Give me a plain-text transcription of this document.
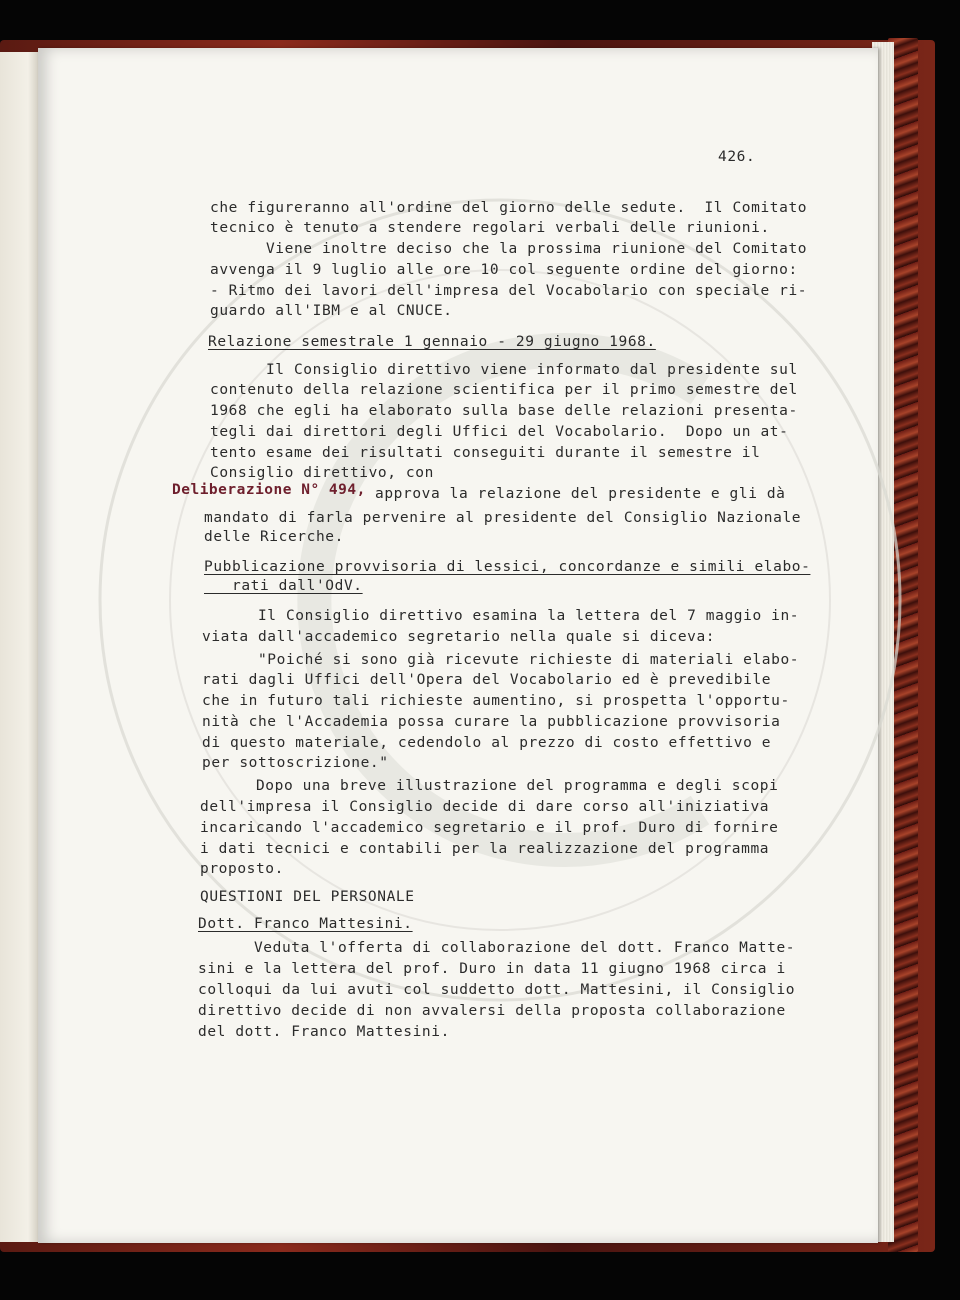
426.
che figureranno all'ordine del giorno delle sedute.  Il Comitato
tecnico è tenuto a stendere regolari verbali delle riunioni.
Viene inoltre deciso che la prossima riunione del Comitato
avvenga il 9 luglio alle ore 10 col seguente ordine del giorno:
- Ritmo dei lavori dell'impresa del Vocabolario con speciale ri-
guardo all'IBM e al CNUCE.
Relazione semestrale 1 gennaio - 29 giugno 1968.
Il Consiglio direttivo viene informato dal presidente sul
contenuto della relazione scientifica per il primo semestre del
1968 che egli ha elaborato sulla base delle relazioni presenta-
tegli dai direttori degli Uffici del Vocabolario.  Dopo un at-
tento esame dei risultati conseguiti durante il semestre il
Consiglio direttivo, con
Deliberazione N° 494, approva la relazione del presidente e gli dà
mandato di farla pervenire al presidente del Consiglio Nazionale
delle Ricerche.
Pubblicazione provvisoria di lessici, concordanze e simili elabo-
rati dall'OdV.
Il Consiglio direttivo esamina la lettera del 7 maggio in-
viata dall'accademico segretario nella quale si diceva:
"Poiché si sono già ricevute richieste di materiali elabo-
rati dagli Uffici dell'Opera del Vocabolario ed è prevedibile
che in futuro tali richieste aumentino, si prospetta l'opportu-
nità che l'Accademia possa curare la pubblicazione provvisoria
di questo materiale, cedendolo al prezzo di costo effettivo e
per sottoscrizione."
Dopo una breve illustrazione del programma e degli scopi
dell'impresa il Consiglio decide di dare corso all'iniziativa
incaricando l'accademico segretario e il prof. Duro di fornire
i dati tecnici e contabili per la realizzazione del programma
proposto.
QUESTIONI DEL PERSONALE
Dott. Franco Mattesini.
Veduta l'offerta di collaborazione del dott. Franco Matte-
sini e la lettera del prof. Duro in data 11 giugno 1968 circa i
colloqui da lui avuti col suddetto dott. Mattesini, il Consiglio
direttivo decide di non avvalersi della proposta collaborazione
del dott. Franco Mattesini.
